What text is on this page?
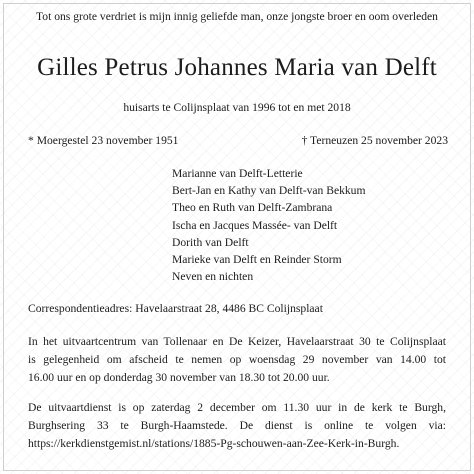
Tot ons grote verdriet is mijn innig geliefde man, onze jongste broer en oom overleden
Gilles Petrus Johannes Maria van Delft
huisarts te Colijnsplaat van 1996 tot en met 2018
* Moergestel 23 november 1951	† Terneuzen 25 november 2023
Marianne van Delft-Letterie
Bert-Jan en Kathy van Delft-van Bekkum
Theo en Ruth van Delft-Zambrana
Ischa en Jacques Massée- van Delft
Dorith van Delft
Marieke van Delft en Reinder Storm
Neven en nichten
Correspondentieadres: Havelaarstraat 28, 4486 BC Colijnsplaat

In het uitvaartcentrum van Tollenaar en De Keizer, Havelaarstraat 30 te Colijnsplaat
is gelegenheid om afscheid te nemen op woensdag 29 november van 14.00 tot
16.00 uur en op donderdag 30 november van 18.30 tot 20.00 uur.

De uitvaartdienst is op zaterdag 2 december om 11.30 uur in de kerk te Burgh,
Burghsering 33 te Burgh-Haamstede. De dienst is online te volgen via:
https://kerkdienstgemist.nl/stations/1885-Pg-schouwen-aan-Zee-Kerk-in-Burgh.
